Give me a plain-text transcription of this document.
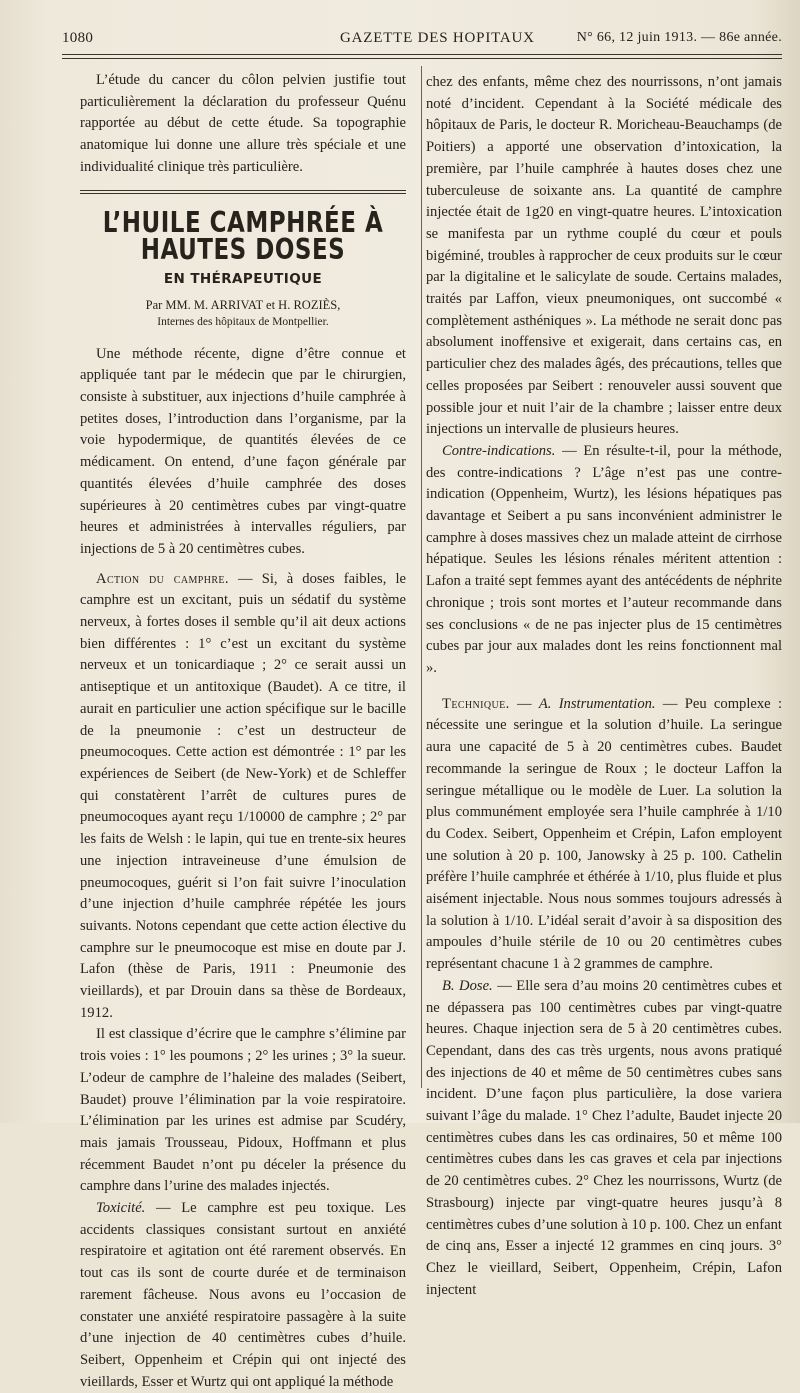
1080	GAZETTE DES HOPITAUX	N° 66, 12 juin 1913. — 86e année.

L’étude du cancer du côlon pelvien justifie tout particulièrement la déclaration du professeur Quénu rapportée au début de cette étude. Sa topographie anatomique lui donne une allure très spéciale et une individualité clinique très particulière.

L’HUILE CAMPHRÉE À HAUTES DOSES
EN THÉRAPEUTIQUE
Par MM. M. ARRIVAT et H. ROZIÈS,
Internes des hôpitaux de Montpellier.

Une méthode récente, digne d’être connue et appliquée tant par le médecin que par le chirurgien, consiste à substituer, aux injections d’huile camphrée à petites doses, l’introduction dans l’organisme, par la voie hypodermique, de quantités élevées de ce médicament. On entend, d’une façon générale par quantités élevées d’huile camphrée des doses supérieures à 20 centimètres cubes par vingt-quatre heures et administrées à intervalles réguliers, par injections de 5 à 20 centimètres cubes.

Action du camphre. — Si, à doses faibles, le camphre est un excitant, puis un sédatif du système nerveux, à fortes doses il semble qu’il ait deux actions bien différentes : 1° c’est un excitant du système nerveux et un tonicardiaque ; 2° ce serait aussi un antiseptique et un antitoxique (Baudet). A ce titre, il aurait en particulier une action spécifique sur le bacille de la pneumonie : c’est un destructeur de pneumocoques. Cette action est démontrée : 1° par les expériences de Seibert (de New-York) et de Schleffer qui constatèrent l’arrêt de cultures pures de pneumocoques ayant reçu 1/10000 de camphre ; 2° par les faits de Welsh : le lapin, qui tue en trente-six heures une injection intraveineuse d’une émulsion de pneumocoques, guérit si l’on fait suivre l’inoculation d’une injection d’huile camphrée répétée les jours suivants. Notons cependant que cette action élective du camphre sur le pneumocoque est mise en doute par J. Lafon (thèse de Paris, 1911 : Pneumonie des vieillards), et par Drouin dans sa thèse de Bordeaux, 1912.

Il est classique d’écrire que le camphre s’élimine par trois voies : 1° les poumons ; 2° les urines ; 3° la sueur. L’odeur de camphre de l’haleine des malades (Seibert, Baudet) prouve l’élimination par la voie respiratoire. L’élimination par les urines est admise par Scudéry, mais jamais Trousseau, Pidoux, Hoffmann et plus récemment Baudet n’ont pu déceler la présence du camphre dans l’urine des malades injectés.

Toxicité. — Le camphre est peu toxique. Les accidents classiques consistant surtout en anxiété respiratoire et agitation ont été rarement observés. En tout cas ils sont de courte durée et de terminaison rarement fâcheuse. Nous avons eu l’occasion de constater une anxiété respiratoire passagère à la suite d’une injection de 40 centimètres cubes d’huile. Seibert, Oppenheim et Crépin qui ont injecté des vieillards, Esser et Wurtz qui ont appliqué la méthode

chez des enfants, même chez des nourrissons, n’ont jamais noté d’incident. Cependant à la Société médicale des hôpitaux de Paris, le docteur R. Moricheau-Beauchamps (de Poitiers) a apporté une observation d’intoxication, la première, par l’huile camphrée à hautes doses chez une tuberculeuse de soixante ans. La quantité de camphre injectée était de 1g20 en vingt-quatre heures. L’intoxication se manifesta par un rythme couplé du cœur et pouls bigéminé, troubles à rapprocher de ceux produits sur le cœur par la digitaline et le salicylate de soude. Certains malades, traités par Laffon, vieux pneumoniques, ont succombé « complètement asthéniques ». La méthode ne serait donc pas absolument inoffensive et exigerait, dans certains cas, en particulier chez des malades âgés, des précautions, telles que celles proposées par Seibert : renouveler aussi souvent que possible jour et nuit l’air de la chambre ; laisser entre deux injections un intervalle de plusieurs heures.

Contre-indications. — En résulte-t-il, pour la méthode, des contre-indications ? L’âge n’est pas une contre-indication (Oppenheim, Wurtz), les lésions hépatiques pas davantage et Seibert a pu sans inconvénient administrer le camphre à doses massives chez un malade atteint de cirrhose hépatique. Seules les lésions rénales méritent attention : Lafon a traité sept femmes ayant des antécédents de néphrite chronique ; trois sont mortes et l’auteur recommande dans ses conclusions « de ne pas injecter plus de 15 centimètres cubes par jour aux malades dont les reins fonctionnent mal ».

Technique. — A. Instrumentation. — Peu complexe : nécessite une seringue et la solution d’huile. La seringue aura une capacité de 5 à 20 centimètres cubes. Baudet recommande la seringue de Roux ; le docteur Laffon la seringue métallique ou le modèle de Luer. La solution la plus communément employée sera l’huile camphrée à 1/10 du Codex. Seibert, Oppenheim et Crépin, Lafon employent une solution à 20 p. 100, Janowsky à 25 p. 100. Cathelin préfère l’huile camphrée et éthérée à 1/10, plus fluide et plus aisément injectable. Nous nous sommes toujours adressés à la solution à 1/10. L’idéal serait d’avoir à sa disposition des ampoules d’huile stérile de 10 ou 20 centimètres cubes représentant chacune 1 à 2 grammes de camphre.

B. Dose. — Elle sera d’au moins 20 centimètres cubes et ne dépassera pas 100 centimètres cubes par vingt-quatre heures. Chaque injection sera de 5 à 20 centimètres cubes. Cependant, dans des cas très urgents, nous avons pratiqué des injections de 40 et même de 50 centimètres cubes sans incident. D’une façon plus particulière, la dose variera suivant l’âge du malade. 1° Chez l’adulte, Baudet injecte 20 centimètres cubes dans les cas ordinaires, 50 et même 100 centimètres cubes dans les cas graves et cela par injections de 20 centimètres cubes. 2° Chez les nourrissons, Wurtz (de Strasbourg) injecte par vingt-quatre heures jusqu’à 8 centimètres cubes d’une solution à 10 p. 100. Chez un enfant de cinq ans, Esser a injecté 12 grammes en cinq jours. 3° Chez le vieillard, Seibert, Oppenheim, Crépin, Lafon injectent
